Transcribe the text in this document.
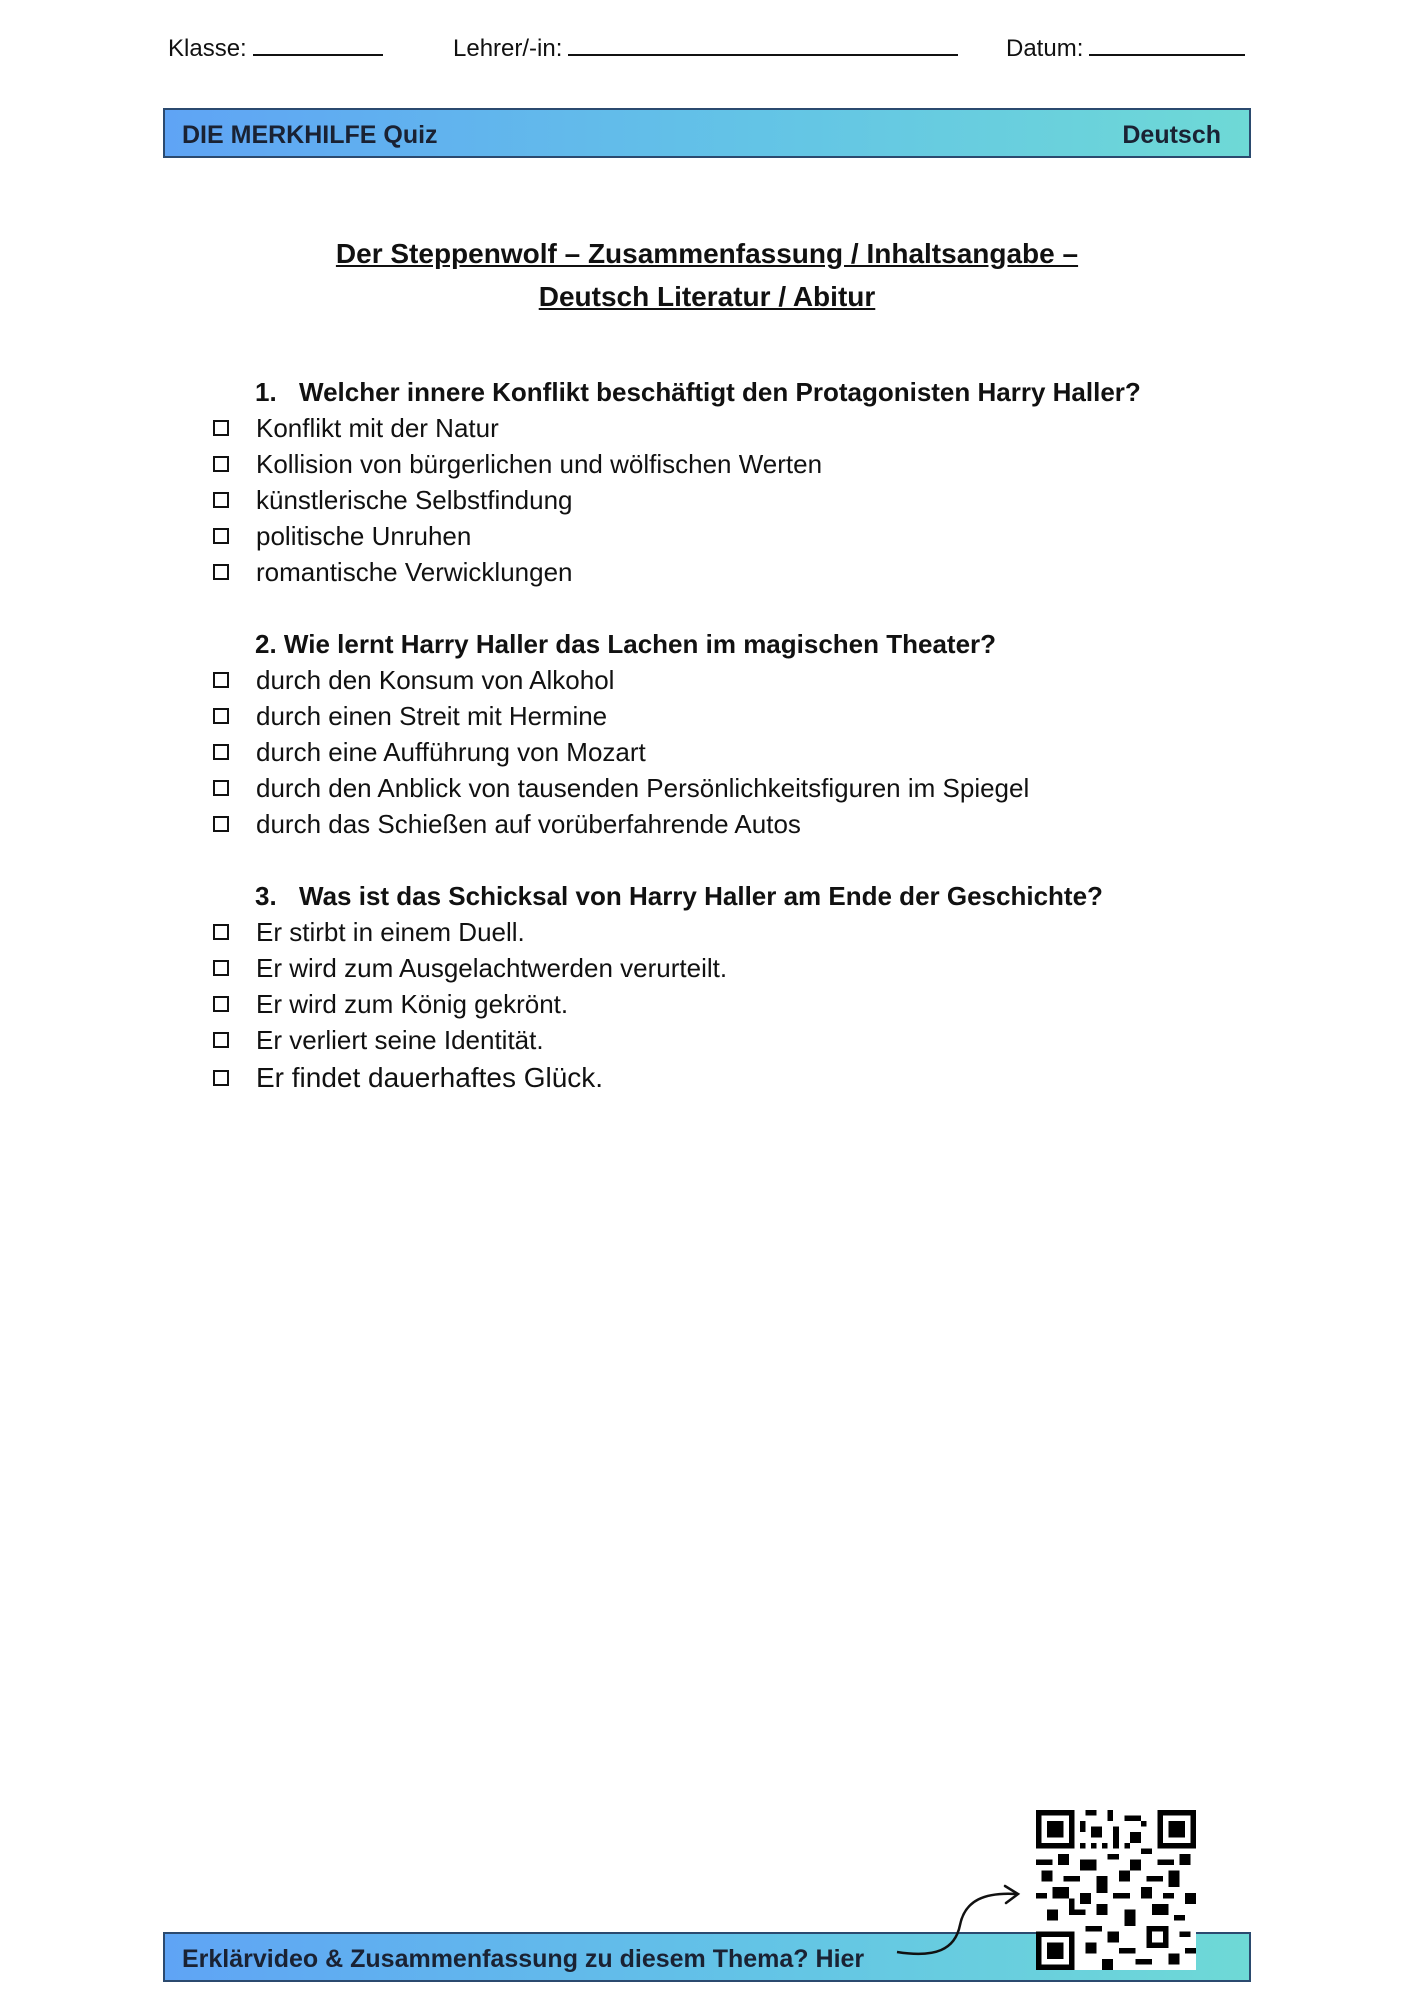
Klasse:	Lehrer/-in:	Datum:
DIE MERKHILFE Quiz	Deutsch
Der Steppenwolf – Zusammenfassung / Inhaltsangabe –
Deutsch Literatur / Abitur
1. Welcher innere Konflikt beschäftigt den Protagonisten Harry Haller?
Konflikt mit der Natur
Kollision von bürgerlichen und wölfischen Werten
künstlerische Selbstfindung
politische Unruhen
romantische Verwicklungen
2. Wie lernt Harry Haller das Lachen im magischen Theater?
durch den Konsum von Alkohol
durch einen Streit mit Hermine
durch eine Aufführung von Mozart
durch den Anblick von tausenden Persönlichkeitsfiguren im Spiegel
durch das Schießen auf vorüberfahrende Autos
3. Was ist das Schicksal von Harry Haller am Ende der Geschichte?
Er stirbt in einem Duell.
Er wird zum Ausgelachtwerden verurteilt.
Er wird zum König gekrönt.
Er verliert seine Identität.
Er findet dauerhaftes Glück.
Erklärvideo & Zusammenfassung zu diesem Thema? Hier
